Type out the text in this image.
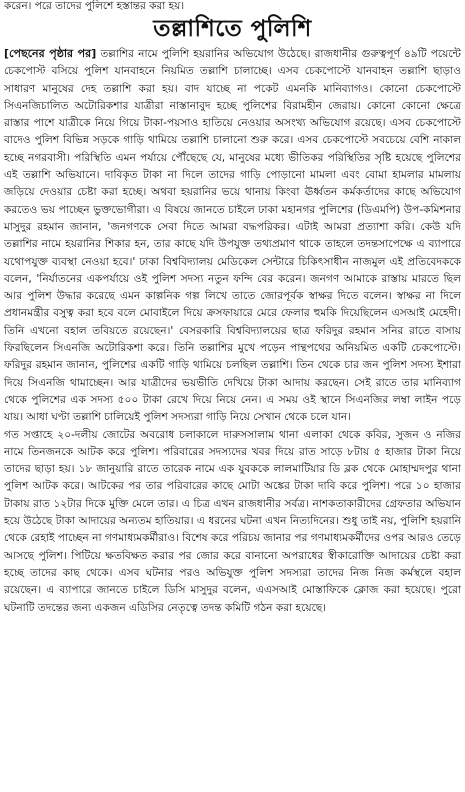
করেন। পরে তাদের পুলিশে হস্তান্তর করা হয়।
তল্লাশিতে পুলিশি

[পেছনের পৃষ্ঠার পর] তল্লাশির নামে পুলিশি হয়রানির অভিযোগ উঠেছে। রাজধানীর গুরুত্বপূর্ণ ৪৯টি পয়েন্টে চেকপোস্ট বসিয়ে পুলিশ যানবাহনে নিয়মিত তল্লাশি চালাচ্ছে। এসব চেকপোস্টে যানবাহন তল্লাশি ছাড়াও সাধারণ মানুষের দেহ তল্লাশি করা হয়। বাদ যাচ্ছে না পকেট এমনকি মানিব্যাগও। কোনো চেকপোস্টে সিএনজিচালিত অটোরিকশার যাত্রীরা নাস্তানাবুদ হচ্ছে পুলিশের বিরামহীন জেরায়। কোনো কোনো ক্ষেত্রে রাস্তার পাশে যাত্রীকে নিয়ে গিয়ে টাকা-পয়সাও হাতিয়ে নেওয়ার অসংখ্য অভিযোগ রয়েছে। এসব চেকপোস্টে বাদেও পুলিশ বিভিন্ন সড়কে গাড়ি থামিয়ে তল্লাশি চালানো শুরু করে। এসব চেকপোস্টে সবচেয়ে বেশি নাকাল হচ্ছে নগরবাসী। পরিস্থিতি এমন পর্যায়ে পৌঁছেছে যে, মানুষের মধ্যে ভীতিকর পরিস্থিতির সৃষ্টি হয়েছে পুলিশের এই তল্লাশি অভিযানে। দাবিকৃত টাকা না দিলে তাদের গাড়ি পোড়ানো মামলা এবং বোমা হামলার মামলায় জড়িয়ে দেওয়ার চেষ্টা করা হচ্ছে। অথবা হয়রানির ভয়ে থানায় কিংবা ঊর্ধ্বতন কর্মকর্তাদের কাছে অভিযোগ করতেও ভয় পাচ্ছেন ভুক্তভোগীরা। এ বিষয়ে জানতে চাইলে ঢাকা মহানগর পুলিশের (ডিএমপি) উপ-কমিশনার মাসুদুর রহমান জানান, 'জনগণকে সেবা দিতে আমরা বদ্ধপরিকর। এটাই আমরা প্রত্যাশা করি। কেউ যদি তল্লাশির নামে হয়রানির শিকার হন, তার কাছে যদি উপযুক্ত তথ্যপ্রমাণ থাকে তাহলে তদন্তসাপেক্ষে এ ব্যাপারে যথোপযুক্ত ব্যবস্থা নেওয়া হবে।' ঢাকা বিশ্ববিদ্যালয় মেডিকেল সেন্টারে চিকিৎসাধীন নাজমুল এই প্রতিবেদককে বলেন, 'নির্যাতনের একপর্যায়ে ওই পুলিশ সদস্য নতুন ফন্দি বের করেন। জনগণ আমাকে রাস্তায় মারতে ছিল আর পুলিশ উদ্ধার করেছে এমন কাল্পনিক গল্প লিখে তাতে জোরপূর্বক স্বাক্ষর দিতে বলেন। স্বাক্ষর না দিলে প্রধানমন্ত্রীর বসুত্ব করা হবে বলে মোবাইলে দিয়ে ক্রসফায়ারে মেরে ফেলার হুমকি দিয়েছিলেন এসআই মেহেদী। তিনি এখনো বহাল তবিয়তে রয়েছেন।' বেসরকারি বিশ্ববিদ্যালয়ের ছাত্র ফরিদুর রহমান সনির রাতে বাসায় ফিরছিলেন সিএনজি অটোরিকশা করে। তিনি তল্লাশির মুখে পড়েন পান্থপথের অনিয়মিত একটি চেকপোস্টে। ফরিদুর রহমান জানান, পুলিশের একটি গাড়ি থামিয়ে চলছিল তল্লাশি। তিন থেকে চার জন পুলিশ সদস্য ইশারা দিয়ে সিএনজি থামাচ্ছেন। আর যাত্রীদের ভয়ভীতি দেখিয়ে টাকা আদায় করছেন। সেই রাতে তার মানিব্যাগ থেকে পুলিশের এক সদস্য ৫০০ টাকা রেখে দিয়ে নিয়ে নেন। এ সময় ওই স্থানে সিএনজির লম্বা লাইন পড়ে যায়। আধা ঘণ্টা তল্লাশি চালিয়েই পুলিশ সদস্যরা গাড়ি নিয়ে সেখান থেকে চলে যান।

গত সপ্তাহে ২০-দলীয় জোটের অবরোধ চলাকালে দারুসসালাম থানা এলাকা থেকে কবির, সুজন ও নজির নামে তিনজনকে আটক করে পুলিশ। পরিবারের সদস্যদের খবর দিয়ে রাত সাড়ে ৮টায় ৫ হাজার টাকা নিয়ে তাদের ছাড়া হয়। ১৮ জানুয়ারি রাতে তারেক নামে এক যুবককে লালমাটিয়ার ডি ব্লক থেকে মোহাম্মদপুর থানা পুলিশ আটক করে। আটকের পর তার পরিবারের কাছে মোটা অঙ্কের টাকা দাবি করে পুলিশ। পরে ১০ হাজার টাকায় রাত ১২টার দিকে মুক্তি মেলে তার। এ চিত্র এখন রাজধানীর সর্বত্র। নাশকতাকারীদের গ্রেফতার অভিযান হয়ে উঠেছে টাকা আদায়ের অন্যতম হাতিয়ার। এ ধরনের ঘটনা এখন নিত্যদিনের। শুধু তাই নয়, পুলিশি হয়রানি থেকে রেহাই পাচ্ছেন না গণমাধ্যমকর্মীরাও। বিশেষ করে পরিচয় জানার পর গণমাধ্যমকর্মীদের ওপর আরও তেড়ে আসছে পুলিশ। পিটিয়ে ক্ষতবিক্ষত করার পর জোর করে বানানো অপরাধের স্বীকারোক্তি আদায়ের চেষ্টা করা হচ্ছে তাদের কাছ থেকে। এসব ঘটনার পরও অভিযুক্ত পুলিশ সদস্যরা তাদের নিজ নিজ কর্মস্থলে বহাল রয়েছেন। এ ব্যাপারে জানতে চাইলে ডিসি মাসুদুর বলেন, এএসআই মোস্তাফিকে ক্লোজ করা হয়েছে। পুরো ঘটনাটি তদন্তের জন্য একজন এডিসির নেতৃত্বে তদন্ত কমিটি গঠন করা হয়েছে।
